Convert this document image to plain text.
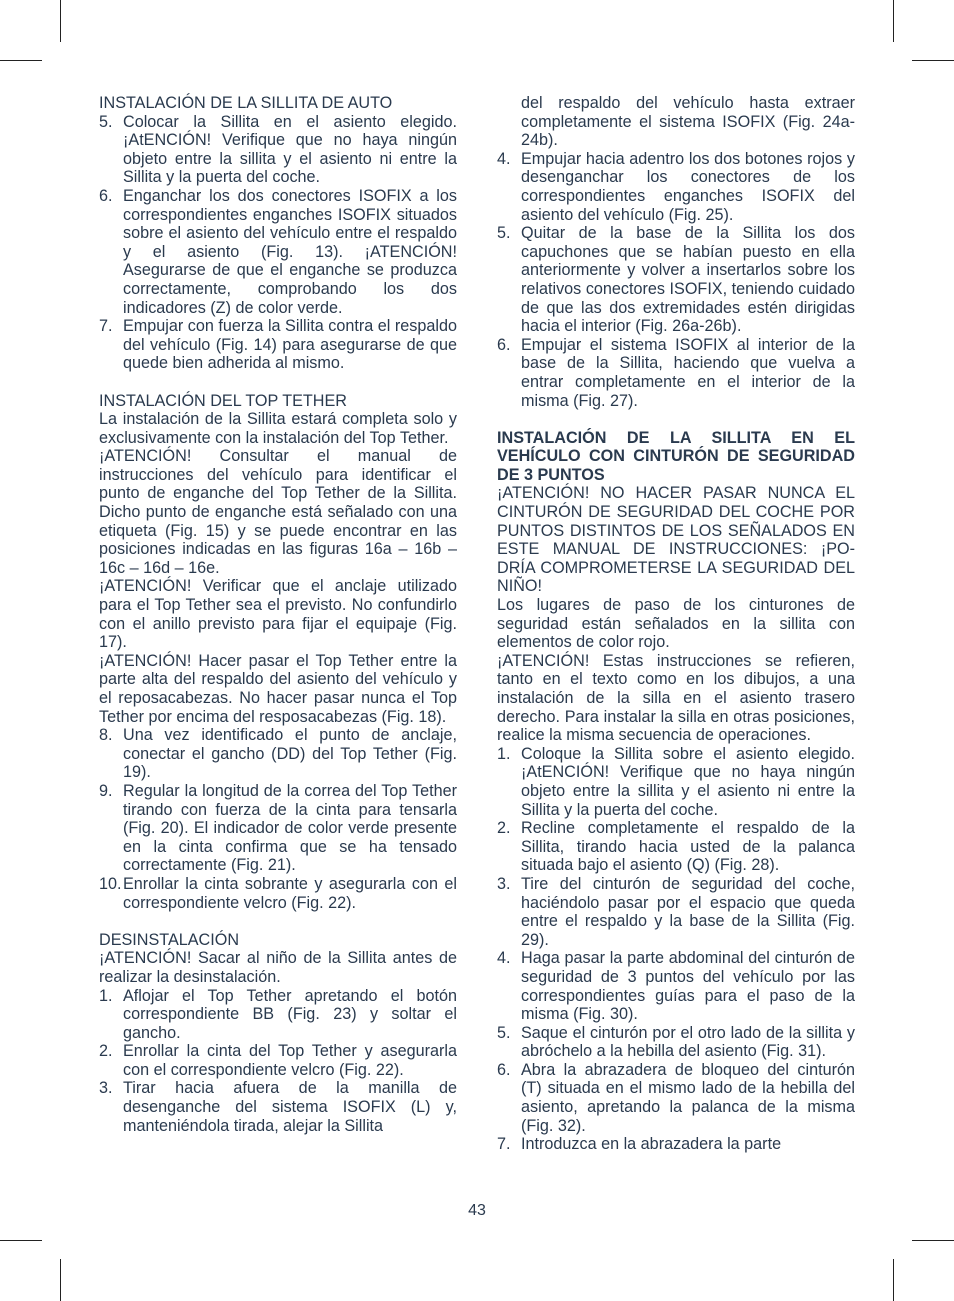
INSTALACIÓN DE LA SILLITA DE AUTO

5. Colocar la Sillita en el asiento elegido. ¡AtENCIÓN! Verifique que no haya ningún objeto entre la sillita y el asiento ni entre la Sillita y la puerta del coche.
6. Enganchar los dos conectores ISOFIX a los correspondientes enganches ISOFIX situados sobre el asiento del vehículo entre el respaldo y el asiento (Fig. 13). ¡ATENCIÓN! Asegurarse de que el enganche se produzca correctamente, comprobando los dos indicadores (Z) de color verde.
7. Empujar con fuerza la Sillita contra el respaldo del vehículo (Fig. 14) para asegurarse de que quede bien adherida al mismo.

INSTALACIÓN DEL TOP TETHER

La instalación de la Sillita estará completa solo y exclusivamente con la instalación del Top Tether.

¡ATENCIÓN! Consultar el manual de instrucciones del vehículo para identificar el punto de enganche del Top Tether de la Sillita. Dicho punto de enganche está señalado con una etiqueta (Fig. 15) y se puede encontrar en las posiciones indicadas en las figuras 16a – 16b – 16c – 16d – 16e.

¡ATENCIÓN! Verificar que el anclaje utilizado para el Top Tether sea el previsto. No confundirlo con el anillo previsto para fijar el equipaje (Fig. 17).

¡ATENCIÓN! Hacer pasar el Top Tether entre la parte alta del respaldo del asiento del vehículo y el reposacabezas. No hacer pasar nunca el Top Tether por encima del resposacabezas (Fig. 18).

8. Una vez identificado el punto de anclaje, conectar el gancho (DD) del Top Tether (Fig. 19).
9. Regular la longitud de la correa del Top Tether tirando con fuerza de la cinta para tensarla (Fig. 20). El indicador de color verde presente en la cinta confirma que se ha tensado correctamente (Fig. 21).
10. Enrollar la cinta sobrante y asegurarla con el correspondiente velcro (Fig. 22).

DESINSTALACIÓN

¡ATENCIÓN! Sacar al niño de la Sillita antes de realizar la desinstalación.

1. Aflojar el Top Tether apretando el botón correspondiente BB (Fig. 23) y soltar el gancho.
2. Enrollar la cinta del Top Tether y asegurarla con el correspondiente velcro (Fig. 22).
3. Tirar hacia afuera de la manilla de desenganche del sistema ISOFIX (L) y, manteniéndola tirada, alejar la Sillita

del respaldo del vehículo hasta extraer completamente el sistema ISOFIX (Fig. 24a-24b).

4. Empujar hacia adentro los dos botones rojos y desenganchar los conectores de los correspondientes enganches ISOFIX del asiento del vehículo (Fig. 25).
5. Quitar de la base de la Sillita los dos capuchones que se habían puesto en ella anteriormente y volver a insertarlos sobre los relativos conectores ISOFIX, teniendo cuidado de que las dos extremidades estén dirigidas hacia el interior (Fig. 26a-26b).
6. Empujar el sistema ISOFIX al interior de la base de la Sillita, haciendo que vuelva a entrar completamente en el interior de la misma (Fig. 27).

INSTALACIÓN DE LA SILLITA EN EL VEHÍCULO CON CINTURÓN DE SEGURIDAD DE 3 PUNTOS

¡ATENCIÓN! NO HACER PASAR NUNCA EL CINTURÓN DE SEGURIDAD DEL COCHE POR PUNTOS DISTINTOS DE LOS SEÑALADOS EN ESTE MANUAL DE INSTRUCCIONES: ¡PO-DRÍA COMPROMETERSE LA SEGURIDAD DEL NIÑO!

Los lugares de paso de los cinturones de seguridad están señalados en la sillita con elementos de color rojo.

¡ATENCIÓN! Estas instrucciones se refieren, tanto en el texto como en los dibujos, a una instalación de la silla en el asiento trasero derecho. Para instalar la silla en otras posiciones, realice la misma secuencia de operaciones.

1. Coloque la Sillita sobre el asiento elegido. ¡AtENCIÓN! Verifique que no haya ningún objeto entre la sillita y el asiento ni entre la Sillita y la puerta del coche.
2. Recline completamente el respaldo de la Sillita, tirando hacia usted de la palanca situada bajo el asiento (Q) (Fig. 28).
3. Tire del cinturón de seguridad del coche, haciéndolo pasar por el espacio que queda entre el respaldo y la base de la Sillita (Fig. 29).
4. Haga pasar la parte abdominal del cinturón de seguridad de 3 puntos del vehículo por las correspondientes guías para el paso de la misma (Fig. 30).
5. Saque el cinturón por el otro lado de la sillita y abróchelo a la hebilla del asiento (Fig. 31).
6. Abra la abrazadera de bloqueo del cinturón (T) situada en el mismo lado de la hebilla del asiento, apretando la palanca de la misma (Fig. 32).
7. Introduzca en la abrazadera la parte
43
